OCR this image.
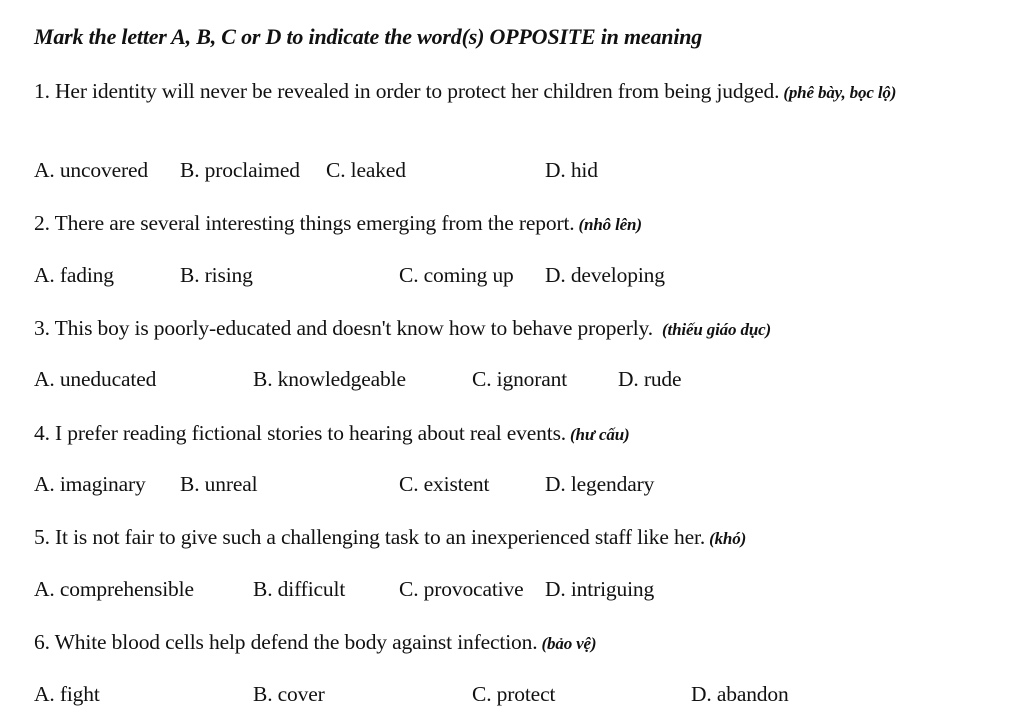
Mark the letter A, B, C or D to indicate the word(s) OPPOSITE in meaning
1. Her identity will never be revealed in order to protect her children from being judged. (phê bày, bọc lộ)
A. uncovered B. proclaimed C. leaked	D. hid
2. There are several interesting things emerging from the report. (nhô lên)
A. fading	B. rising	C. coming up D. developing
3. This boy is poorly-educated and doesn't know how to behave properly. (thiếu giáo dục)
A. uneducated	B. knowledgeable	C. ignorant D. rude
4. I prefer reading fictional stories to hearing about real events. (hư cấu)
A. imaginary B. unreal	C. existent	D. legendary
5. It is not fair to give such a challenging task to an inexperienced staff like her. (khó)
A. comprehensible	B. difficult	C. provocative D. intriguing
6. White blood cells help defend the body against infection. (bảo vệ)
A. fight	B. cover	C. protect	D. abandon
